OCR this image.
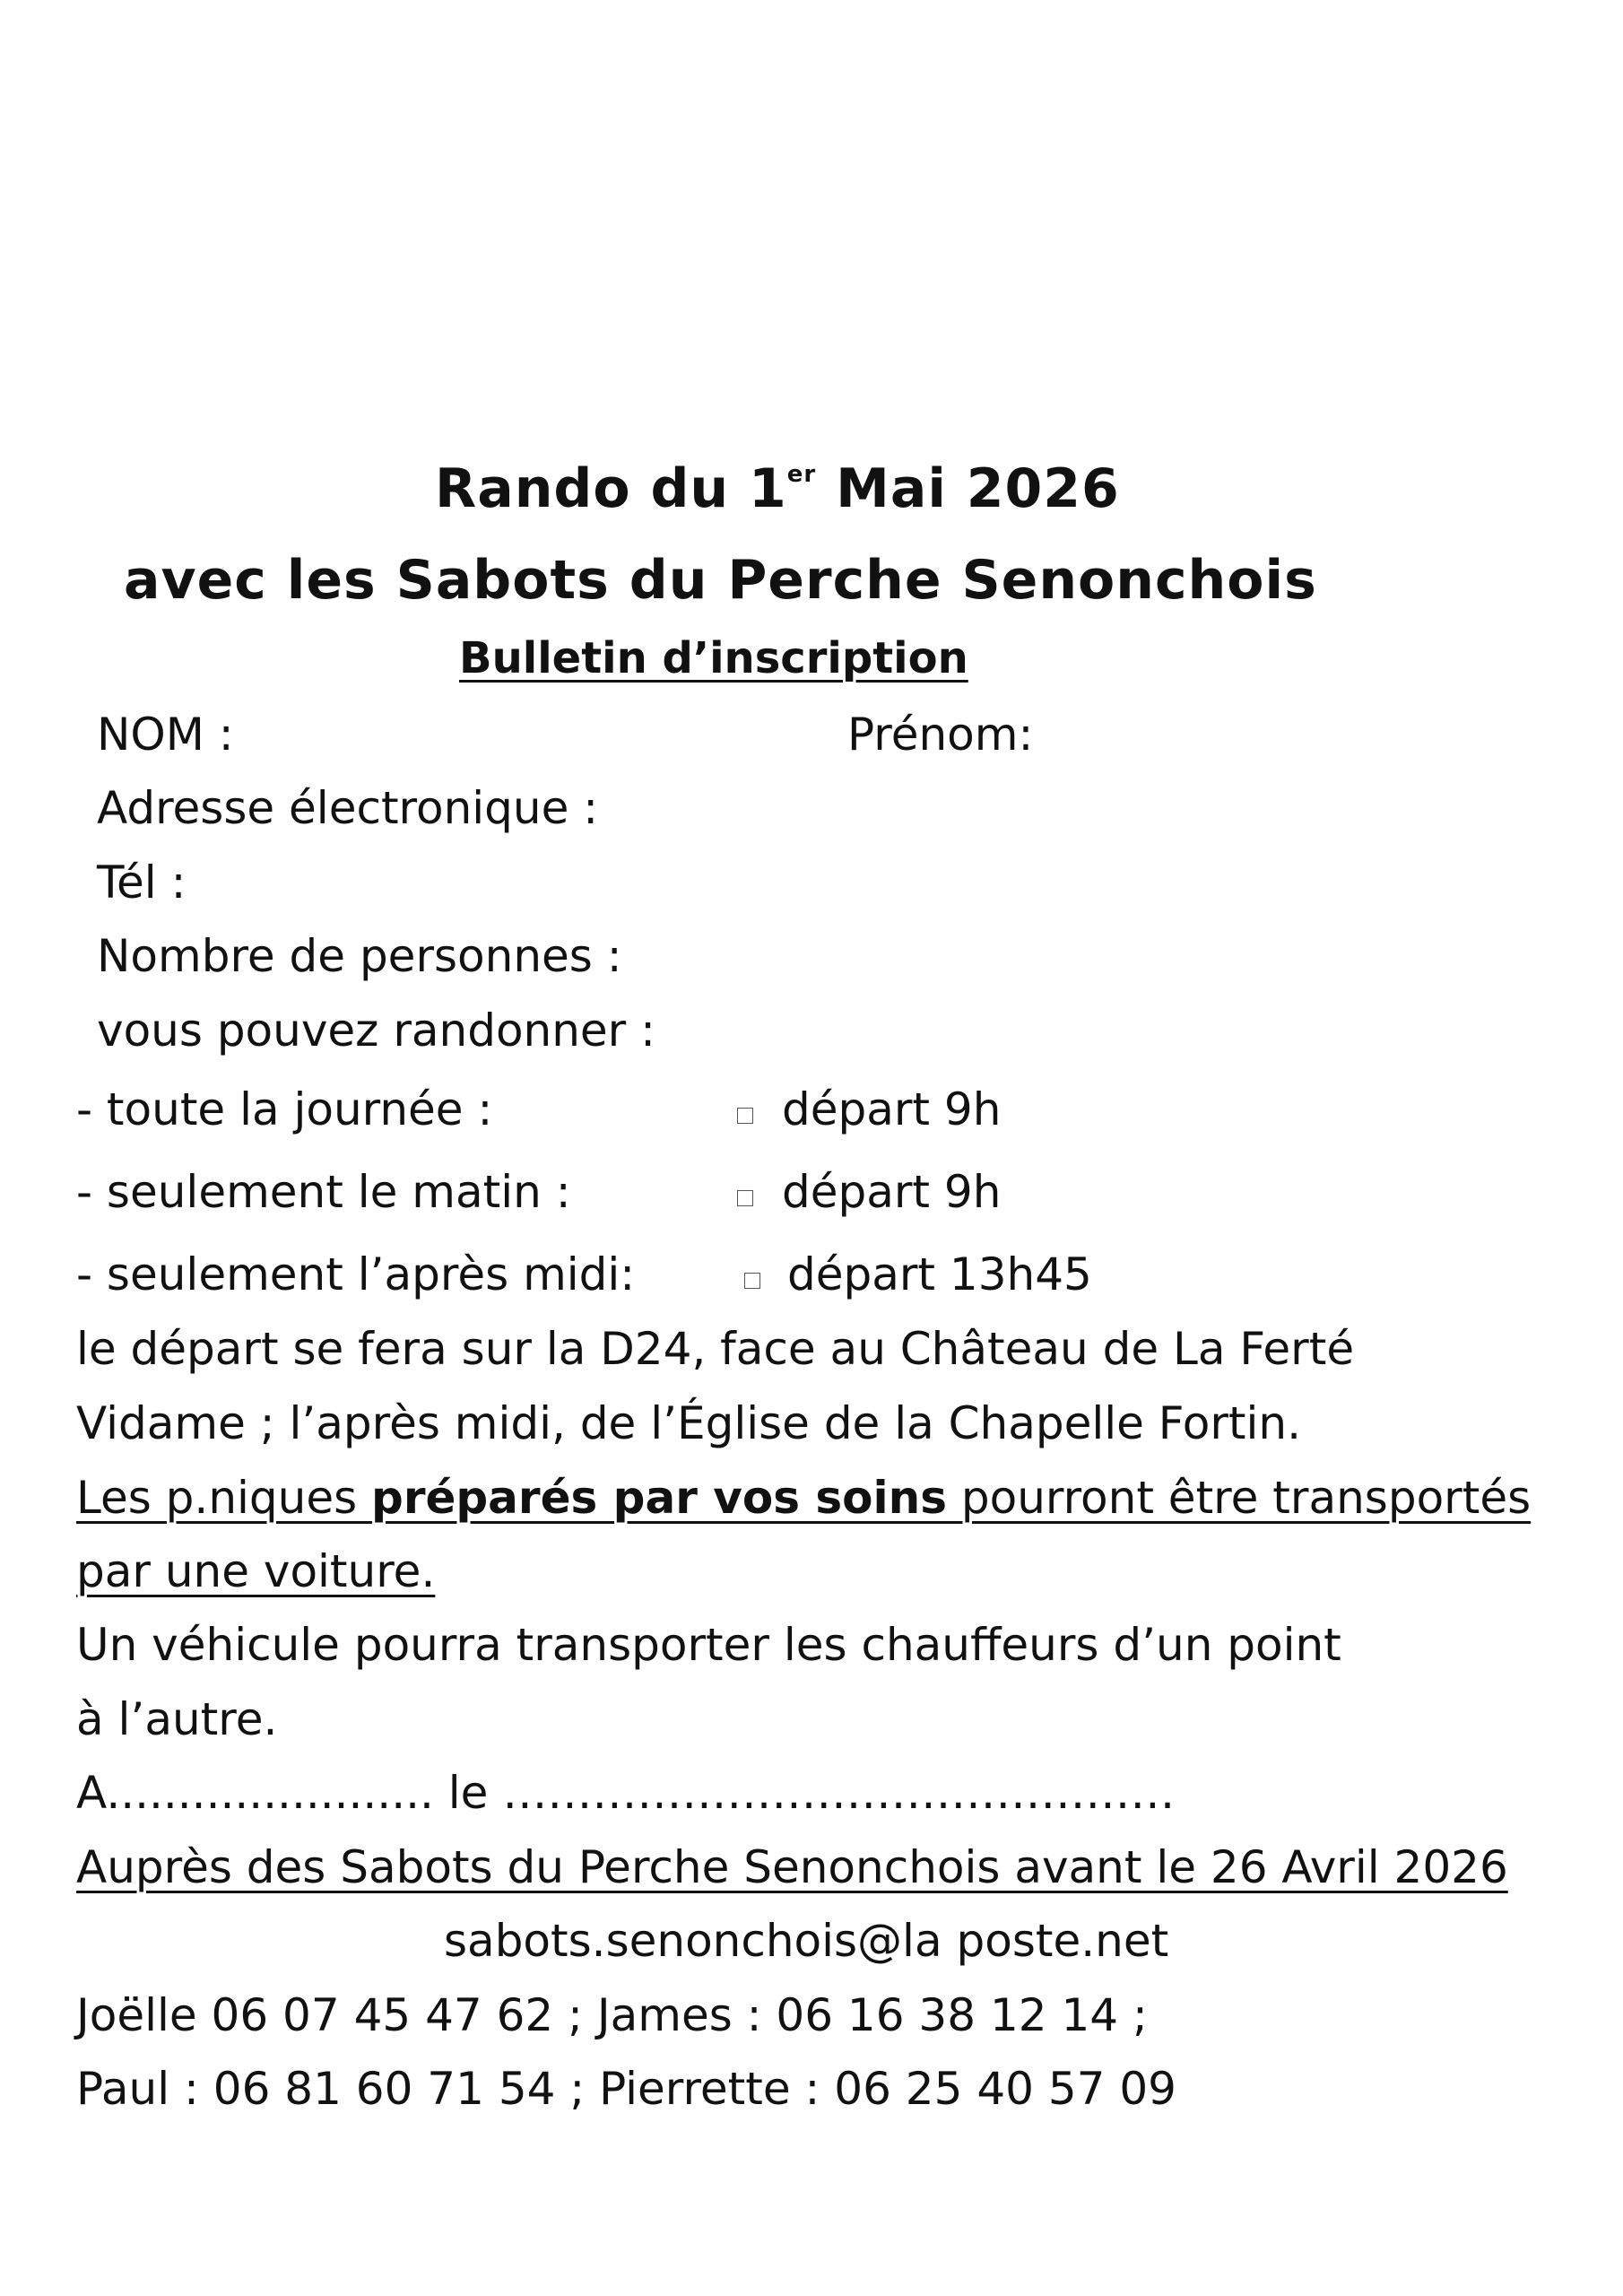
Rando du 1er Mai 2026
avec les Sabots du Perche Senonchois
Bulletin d’inscription
NOM :	Prénom:
Adresse électronique :
Tél :
Nombre de personnes :
vous pouvez randonner :
- toute la journée :	départ 9h
- seulement le matin :	départ 9h
- seulement l’après midi:	départ 13h45
le départ se fera sur la D24, face au Château de La Ferté
Vidame ; l’après midi, de l’Église de la Chapelle Fortin.
Les p.niques préparés par vos soins pourront être transportés
par une voiture.
Un véhicule pourra transporter les chauffeurs d’un point
à l’autre.
A....................... le ………………………………………
Auprès des Sabots du Perche Senonchois avant le 26 Avril 2026
sabots.senonchois@la poste.net
Joëlle 06 07 45 47 62 ; James : 06 16 38 12 14 ;
Paul : 06 81 60 71 54 ; Pierrette : 06 25 40 57 09
